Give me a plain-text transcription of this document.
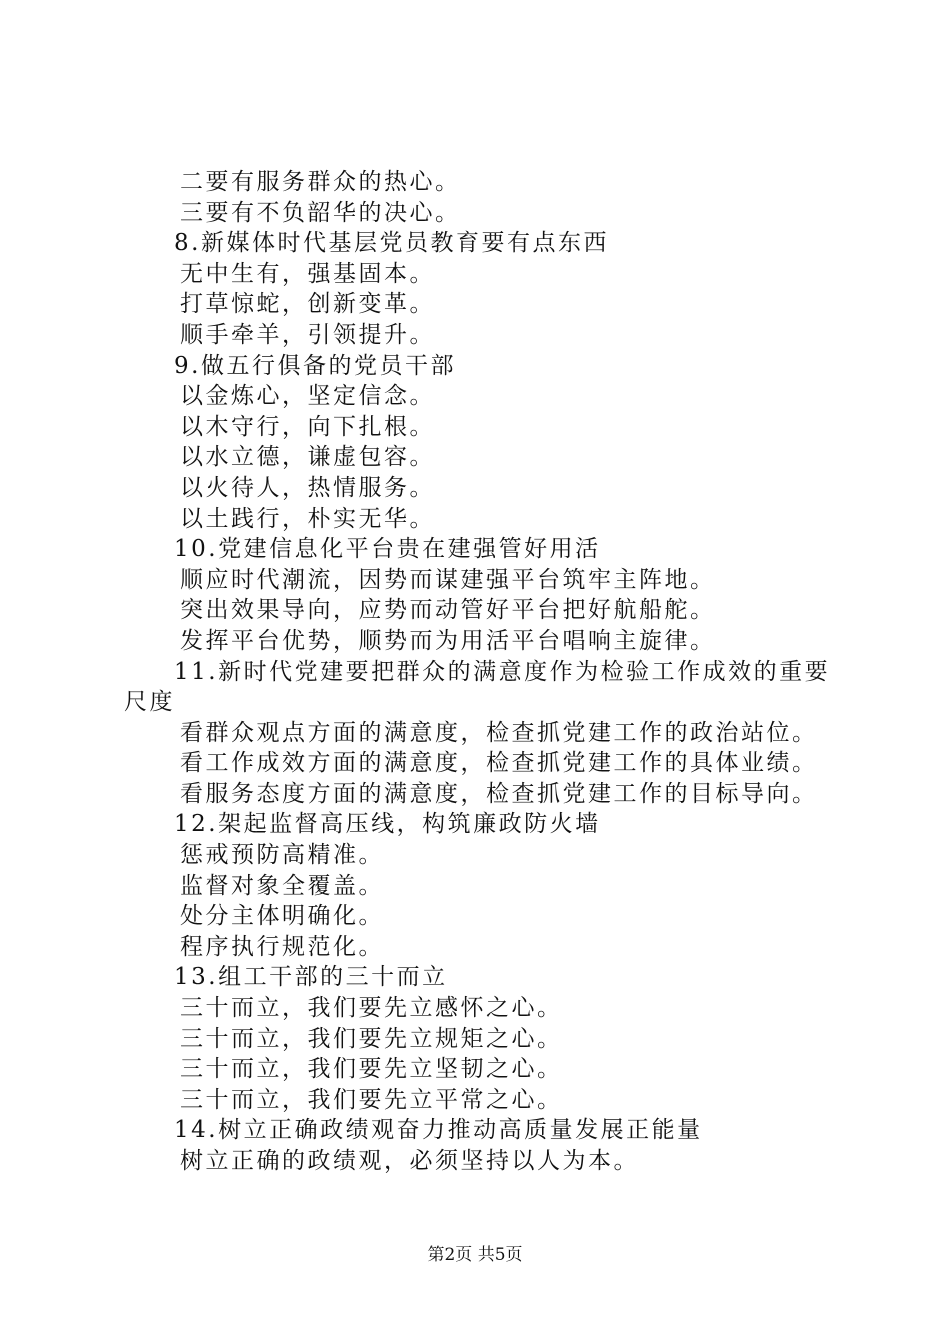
二要有服务群众的热心。

三要有不负韶华的决心。

8.新媒体时代基层党员教育要有点东西

无中生有，强基固本。

打草惊蛇，创新变革。

顺手牵羊，引领提升。

9.做五行俱备的党员干部

以金炼心，坚定信念。

以木守行，向下扎根。

以水立德，谦虚包容。

以火待人，热情服务。

以土践行，朴实无华。

10.党建信息化平台贵在建强管好用活

顺应时代潮流，因势而谋建强平台筑牢主阵地。

突出效果导向，应势而动管好平台把好航船舵。

发挥平台优势，顺势而为用活平台唱响主旋律。

11.新时代党建要把群众的满意度作为检验工作成效的重要

尺度

看群众观点方面的满意度，检查抓党建工作的政治站位。

看工作成效方面的满意度，检查抓党建工作的具体业绩。

看服务态度方面的满意度，检查抓党建工作的目标导向。

12.架起监督高压线，构筑廉政防火墙

惩戒预防高精准。

监督对象全覆盖。

处分主体明确化。

程序执行规范化。

13.组工干部的三十而立

三十而立，我们要先立感怀之心。

三十而立，我们要先立规矩之心。

三十而立，我们要先立坚韧之心。

三十而立，我们要先立平常之心。

14.树立正确政绩观奋力推动高质量发展正能量

树立正确的政绩观，必须坚持以人为本。

第2页 共5页
